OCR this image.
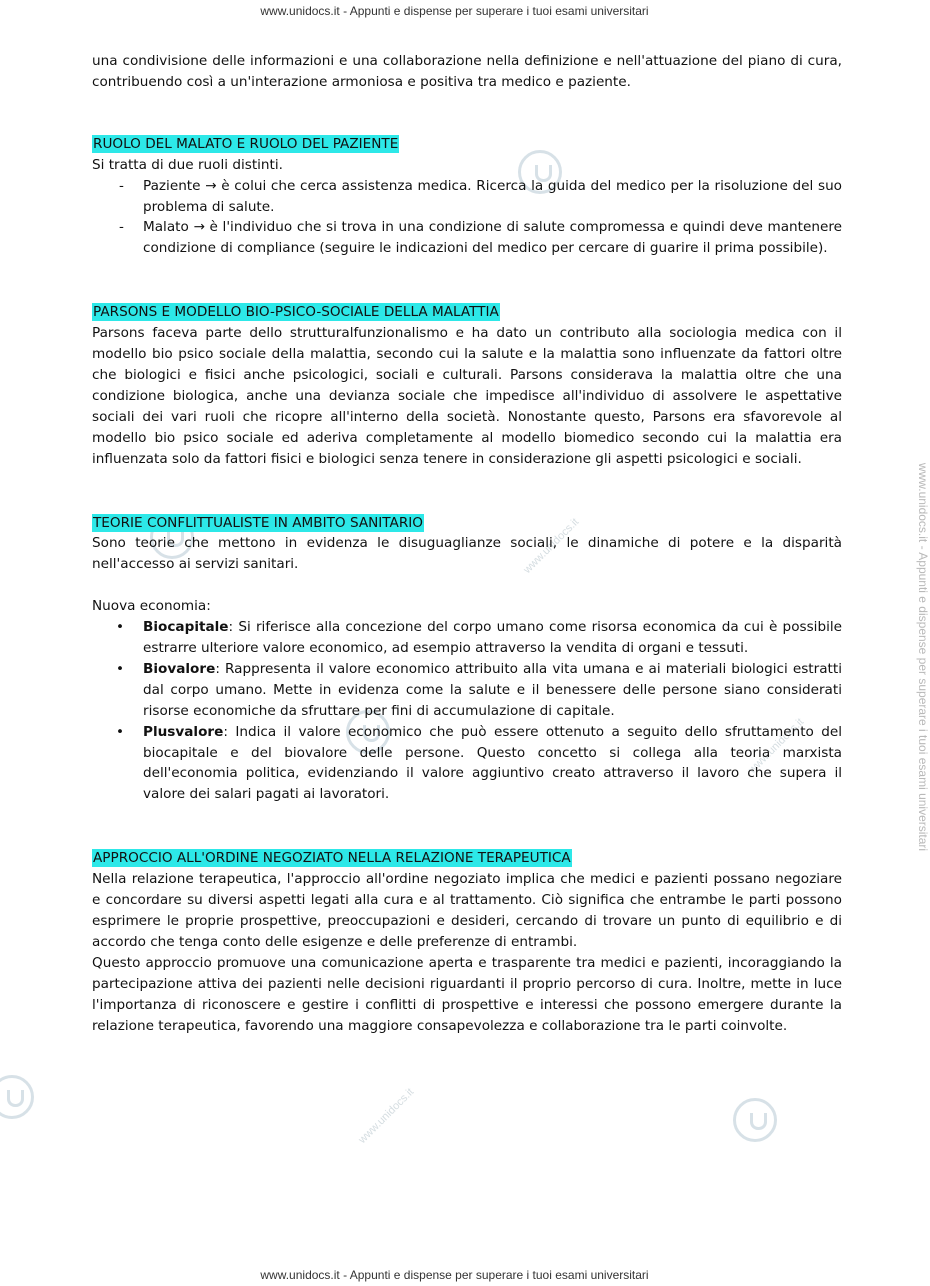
www.unidocs.it - Appunti e dispense per superare i tuoi esami universitari
www.unidocs.it - Appunti e dispense per superare i tuoi esami universitari
www.unidocs.it
www.unidocs.it
www.unidocs.it

una condivisione delle informazioni e una collaborazione nella definizione e nell'attuazione del piano di cura, contribuendo così a un'interazione armoniosa e positiva tra medico e paziente.

RUOLO DEL MALATO E RUOLO DEL PAZIENTE

Si tratta di due ruoli distinti.

- Paziente → è colui che cerca assistenza medica. Ricerca la guida del medico per la risoluzione del suo problema di salute.
- Malato → è l'individuo che si trova in una condizione di salute compromessa e quindi deve mantenere condizione di compliance (seguire le indicazioni del medico per cercare di guarire il prima possibile).

PARSONS E MODELLO BIO-PSICO-SOCIALE DELLA MALATTIA

Parsons faceva parte dello strutturalfunzionalismo e ha dato un contributo alla sociologia medica con il modello bio psico sociale della malattia, secondo cui la salute e la malattia sono influenzate da fattori oltre che biologici e fisici anche psicologici, sociali e culturali. Parsons considerava la malattia oltre che una condizione biologica, anche una devianza sociale che impedisce all'individuo di assolvere le aspettative sociali dei vari ruoli che ricopre all'interno della società. Nonostante questo, Parsons era sfavorevole al modello bio psico sociale ed aderiva completamente al modello biomedico secondo cui la malattia era influenzata solo da fattori fisici e biologici senza tenere in considerazione gli aspetti psicologici e sociali.

TEORIE CONFLITTUALISTE IN AMBITO SANITARIO

Sono teorie che mettono in evidenza le disuguaglianze sociali, le dinamiche di potere e la disparità nell'accesso ai servizi sanitari.

Nuova economia:

• Biocapitale: Si riferisce alla concezione del corpo umano come risorsa economica da cui è possibile estrarre ulteriore valore economico, ad esempio attraverso la vendita di organi e tessuti.
• Biovalore: Rappresenta il valore economico attribuito alla vita umana e ai materiali biologici estratti dal corpo umano. Mette in evidenza come la salute e il benessere delle persone siano considerati risorse economiche da sfruttare per fini di accumulazione di capitale.
• Plusvalore: Indica il valore economico che può essere ottenuto a seguito dello sfruttamento del biocapitale e del biovalore delle persone. Questo concetto si collega alla teoria marxista dell'economia politica, evidenziando il valore aggiuntivo creato attraverso il lavoro che supera il valore dei salari pagati ai lavoratori.

APPROCCIO ALL'ORDINE NEGOZIATO NELLA RELAZIONE TERAPEUTICA

Nella relazione terapeutica, l'approccio all'ordine negoziato implica che medici e pazienti possano negoziare e concordare su diversi aspetti legati alla cura e al trattamento. Ciò significa che entrambe le parti possono esprimere le proprie prospettive, preoccupazioni e desideri, cercando di trovare un punto di equilibrio e di accordo che tenga conto delle esigenze e delle preferenze di entrambi.

Questo approccio promuove una comunicazione aperta e trasparente tra medici e pazienti, incoraggiando la partecipazione attiva dei pazienti nelle decisioni riguardanti il proprio percorso di cura. Inoltre, mette in luce l'importanza di riconoscere e gestire i conflitti di prospettive e interessi che possono emergere durante la relazione terapeutica, favorendo una maggiore consapevolezza e collaborazione tra le parti coinvolte.

www.unidocs.it - Appunti e dispense per superare i tuoi esami universitari
